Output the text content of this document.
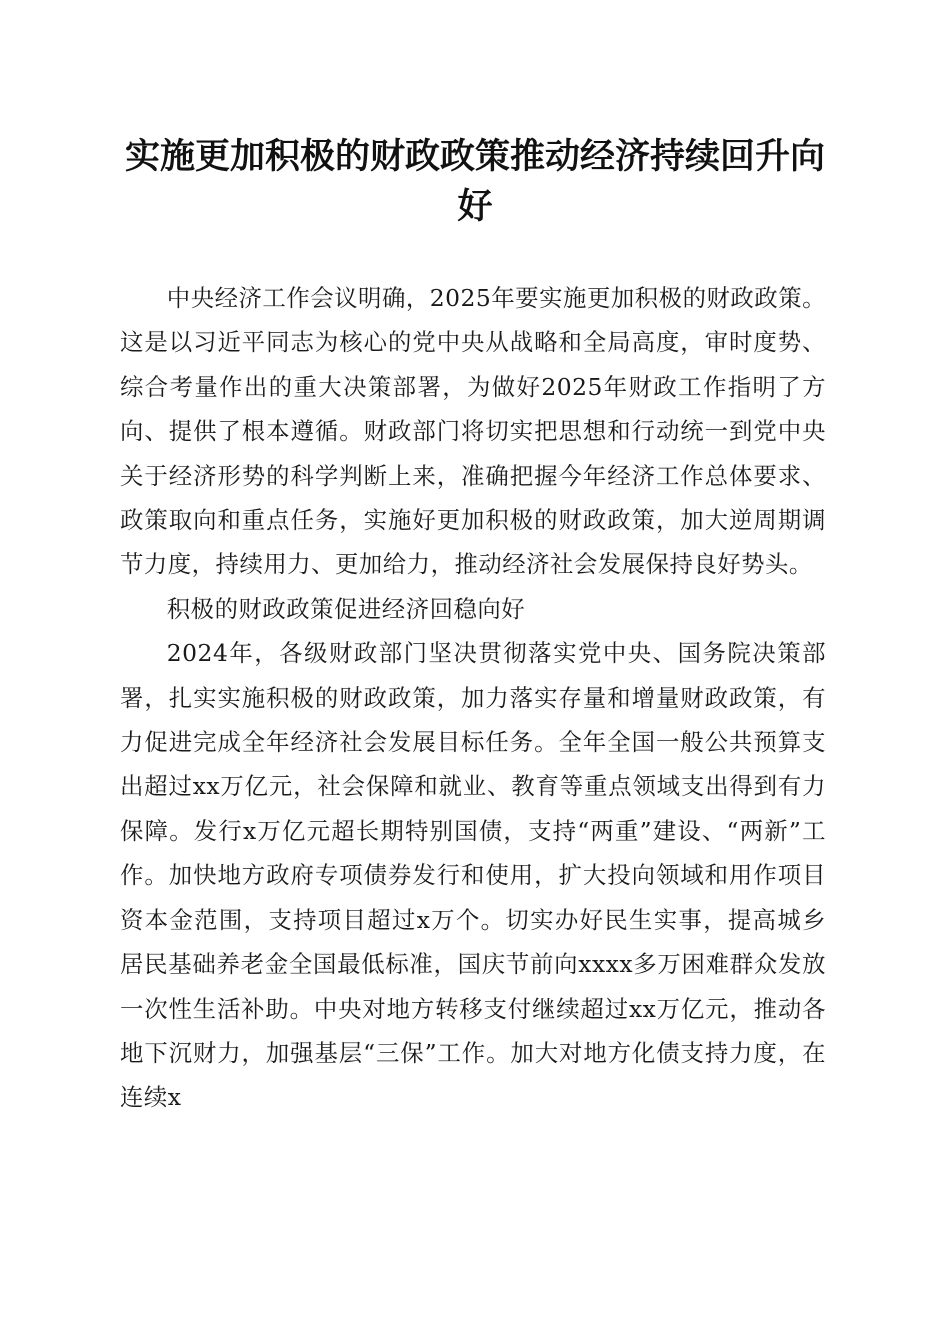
实施更加积极的财政政策推动经济持续回升向好

中央经济工作会议明确，2025年要实施更加积极的财政政策。这是以习近平同志为核心的党中央从战略和全局高度，审时度势、综合考量作出的重大决策部署，为做好2025年财政工作指明了方向、提供了根本遵循。财政部门将切实把思想和行动统一到党中央关于经济形势的科学判断上来，准确把握今年经济工作总体要求、政策取向和重点任务，实施好更加积极的财政政策，加大逆周期调节力度，持续用力、更加给力，推动经济社会发展保持良好势头。

积极的财政政策促进经济回稳向好

2024年，各级财政部门坚决贯彻落实党中央、国务院决策部署，扎实实施积极的财政政策，加力落实存量和增量财政政策，有力促进完成全年经济社会发展目标任务。全年全国一般公共预算支出超过xx万亿元，社会保障和就业、教育等重点领域支出得到有力保障。发行x万亿元超长期特别国债，支持“两重”建设、“两新”工作。加快地方政府专项债券发行和使用，扩大投向领域和用作项目资本金范围，支持项目超过x万个。切实办好民生实事，提高城乡居民基础养老金全国最低标准，国庆节前向xxxx多万困难群众发放一次性生活补助。中央对地方转移支付继续超过xx万亿元，推动各地下沉财力，加强基层“三保”工作。加大对地方化债支持力度，在连续x
